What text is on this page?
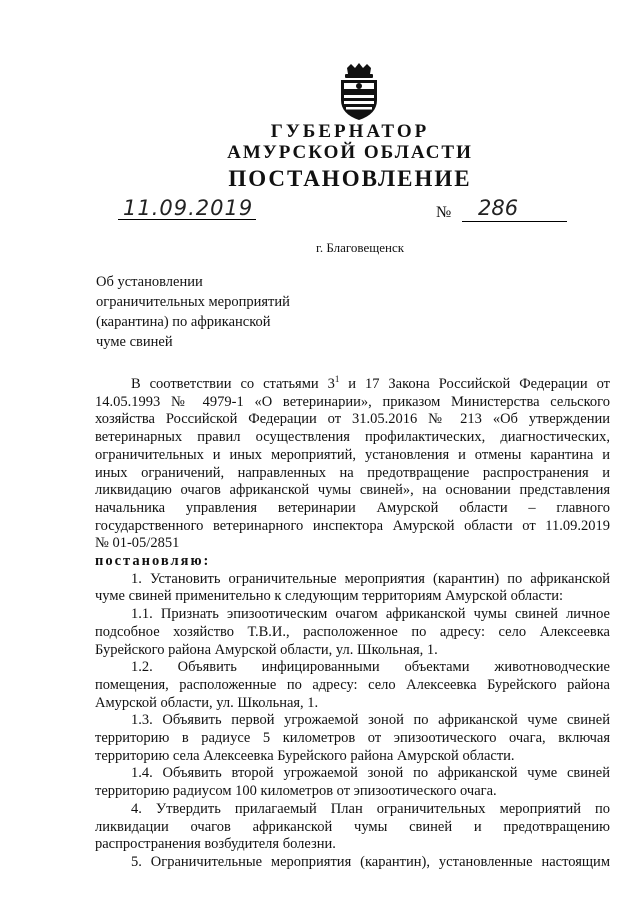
ГУБЕРНАТОР
АМУРСКОЙ ОБЛАСТИ
ПОСТАНОВЛЕНИЕ
11.09.2019	№ 286
г. Благовещенск
Об установлении
ограничительных мероприятий
(карантина) по африканской
чуме свиней

В соответствии со статьями $3^1$ и 17 Закона Российской Федерации от

14.05.1993 № 4979-1 «О ветеринарии», приказом Министерства сельского

хозяйства Российской Федерации от 31.05.2016 № 213 «Об утверждении

ветеринарных правил осуществления профилактических, диагностических,

ограничительных и иных мероприятий, установления и отмены карантина и

иных ограничений, направленных на предотвращение распространения и

ликвидацию очагов африканской чумы свиней», на основании представления

начальника управления ветеринарии Амурской области – главного

государственного ветеринарного инспектора Амурской области от 11.09.2019

№ 01-05/2851

постановляю:

1. Установить ограничительные мероприятия (карантин) по африканской

чуме свиней применительно к следующим территориям Амурской области:

1.1. Признать эпизоотическим очагом африканской чумы свиней личное

подсобное хозяйство Т.В.И., расположенное по адресу: село Алексеевка

Бурейского района Амурской области, ул. Школьная, 1.

1.2. Объявить инфицированными объектами животноводческие

помещения, расположенные по адресу: село Алексеевка Бурейского района

Амурской области, ул. Школьная, 1.

1.3. Объявить первой угрожаемой зоной по африканской чуме свиней

территорию в радиусе 5 километров от эпизоотического очага, включая

территорию села Алексеевка Бурейского района Амурской области.

1.4. Объявить второй угрожаемой зоной по африканской чуме свиней

территорию радиусом 100 километров от эпизоотического очага.

4. Утвердить прилагаемый План ограничительных мероприятий по

ликвидации очагов африканской чумы свиней и предотвращению

распространения возбудителя болезни.

5. Ограничительные мероприятия (карантин), установленные настоящим
